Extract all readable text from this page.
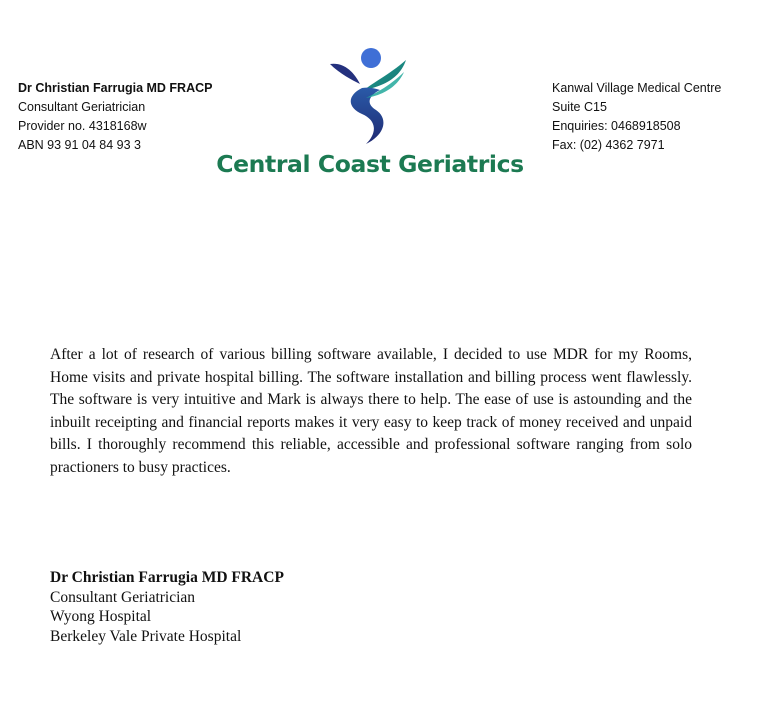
Dr Christian Farrugia MD FRACP
Consultant Geriatrician
Provider no. 4318168w
ABN 93 91 04 84 93 3
Central Coast Geriatrics
Kanwal Village Medical Centre
Suite C15
Enquiries: 0468918508
Fax: (02) 4362 7971
After a lot of research of various billing software available, I decided to use MDR for my Rooms, Home visits and private hospital billing. The software installation and billing process went flawlessly. The software is very intuitive and Mark is always there to help. The ease of use is astounding and the inbuilt receipting and financial reports makes it very easy to keep track of money received and unpaid bills. I thoroughly recommend this reliable, accessible and professional software ranging from solo practioners to busy practices.
Dr Christian Farrugia MD FRACP
Consultant Geriatrician
Wyong Hospital
Berkeley Vale Private Hospital
